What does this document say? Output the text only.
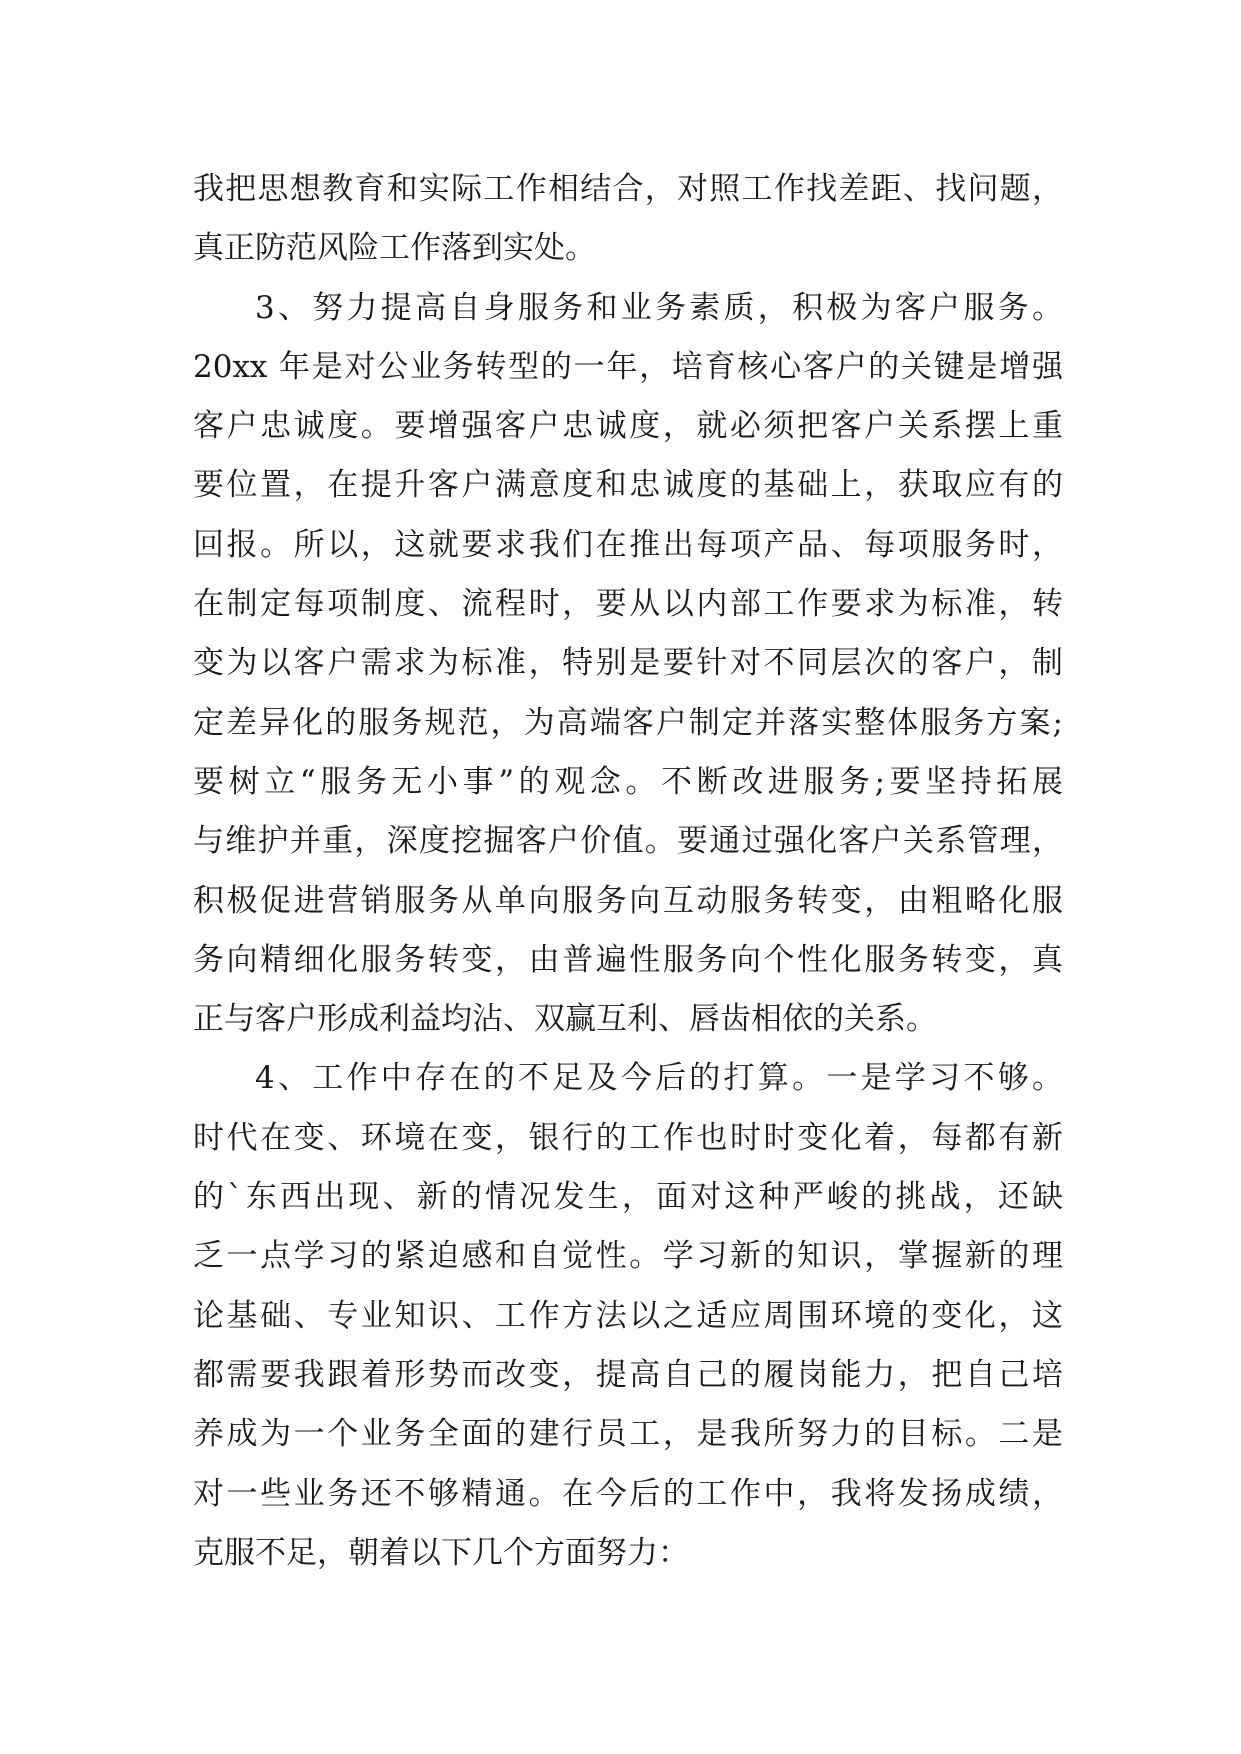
我把思想教育和实际工作相结合，对照工作找差距、找问题，
真正防范风险工作落到实处。
3、努力提高自身服务和业务素质，积极为客户服务。
20xx 年是对公业务转型的一年，培育核心客户的关键是增强
客户忠诚度。要增强客户忠诚度，就必须把客户关系摆上重
要位置，在提升客户满意度和忠诚度的基础上，获取应有的
回报。所以，这就要求我们在推出每项产品、每项服务时，
在制定每项制度、流程时，要从以内部工作要求为标准，转
变为以客户需求为标准，特别是要针对不同层次的客户，制
定差异化的服务规范，为高端客户制定并落实整体服务方案;
要树立“服务无小事”的观念。不断改进服务;要坚持拓展
与维护并重，深度挖掘客户价值。要通过强化客户关系管理，
积极促进营销服务从单向服务向互动服务转变，由粗略化服
务向精细化服务转变，由普遍性服务向个性化服务转变，真
正与客户形成利益均沾、双赢互利、唇齿相依的关系。
4、工作中存在的不足及今后的打算。一是学习不够。
时代在变、环境在变，银行的工作也时时变化着，每都有新
的`东西出现、新的情况发生，面对这种严峻的挑战，还缺
乏一点学习的紧迫感和自觉性。学习新的知识，掌握新的理
论基础、专业知识、工作方法以之适应周围环境的变化，这
都需要我跟着形势而改变，提高自己的履岗能力，把自己培
养成为一个业务全面的建行员工，是我所努力的目标。二是
对一些业务还不够精通。在今后的工作中，我将发扬成绩，
克服不足，朝着以下几个方面努力：
